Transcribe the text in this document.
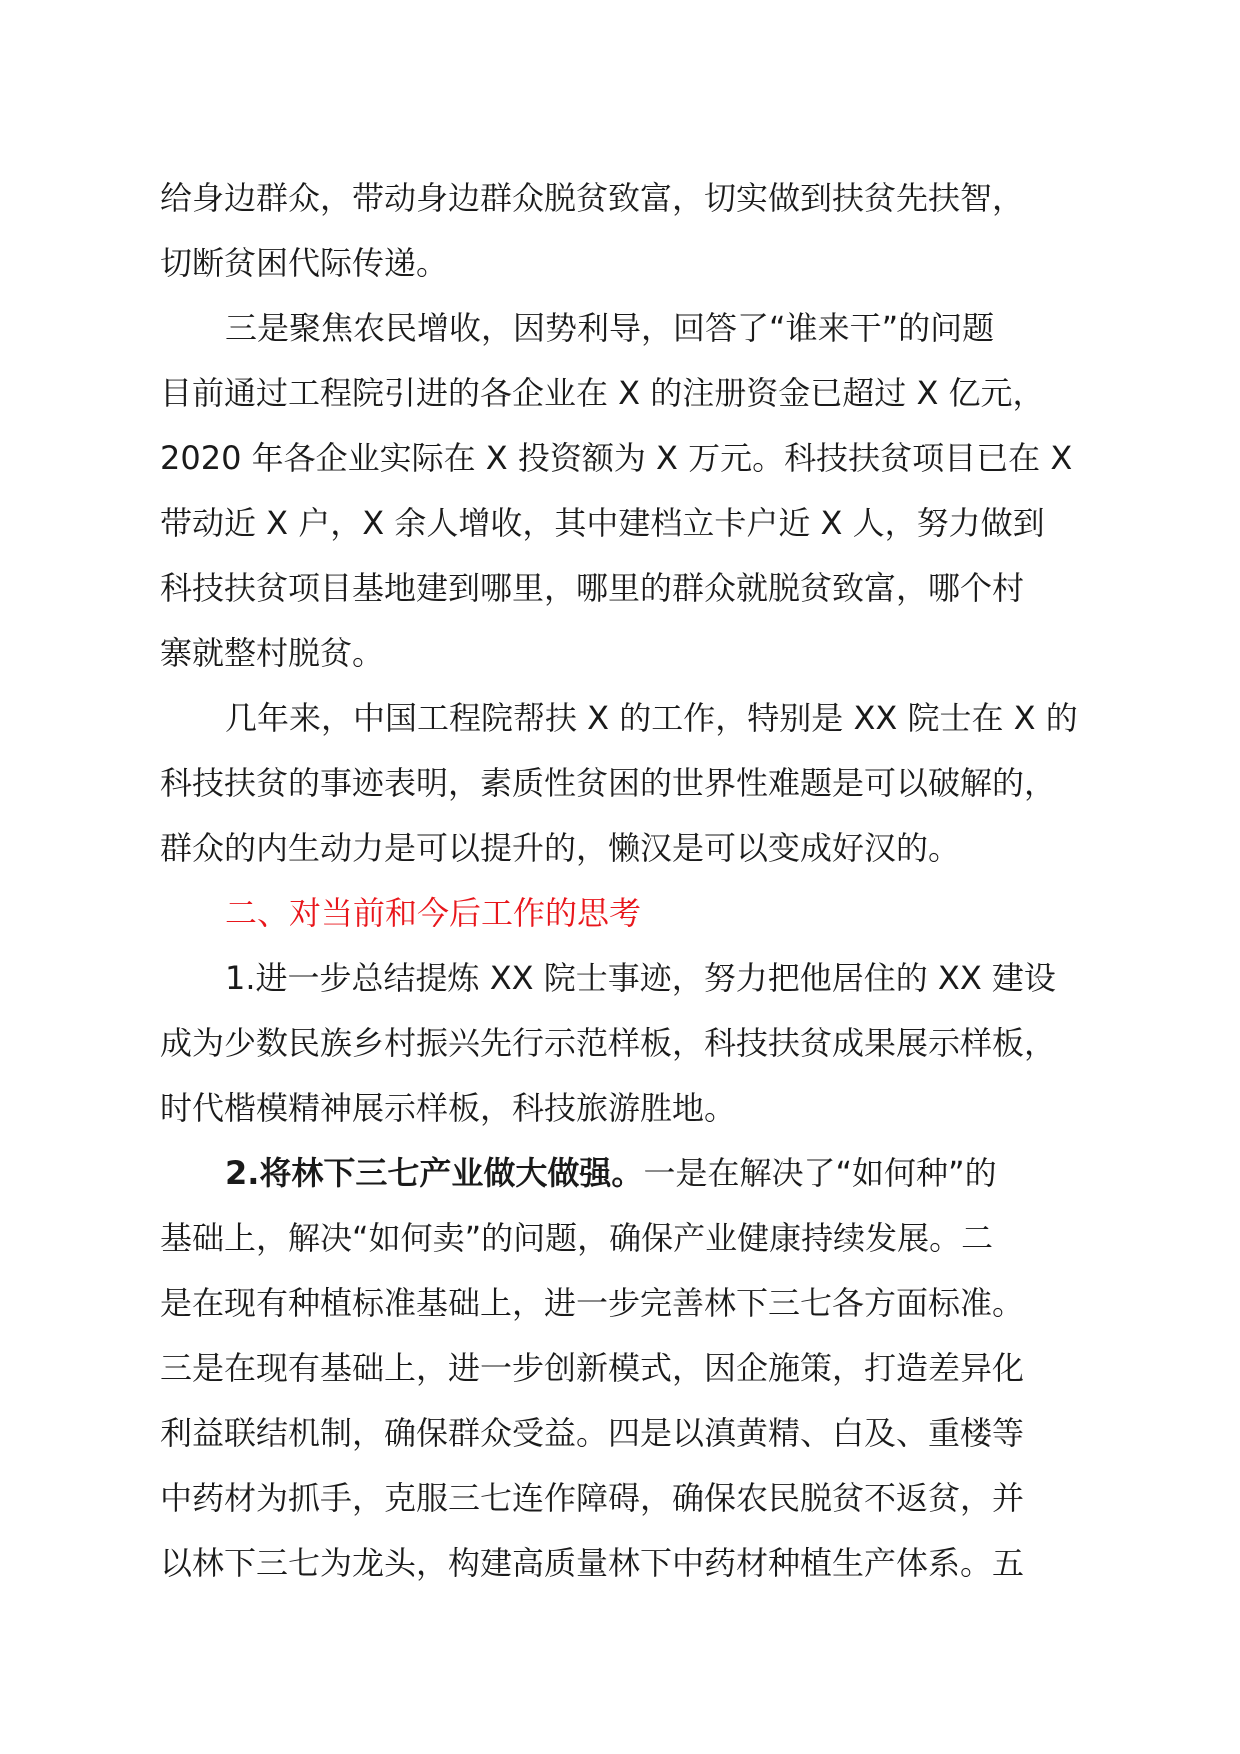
给身边群众，带动身边群众脱贫致富，切实做到扶贫先扶智，
切断贫困代际传递。
三是聚焦农民增收，因势利导，回答了“谁来干”的问题
目前通过工程院引进的各企业在 X 的注册资金已超过 X 亿元，
2020 年各企业实际在 X 投资额为 X 万元。科技扶贫项目已在 X
带动近 X 户，X 余人增收，其中建档立卡户近 X 人，努力做到
科技扶贫项目基地建到哪里，哪里的群众就脱贫致富，哪个村
寨就整村脱贫。
几年来，中国工程院帮扶 X 的工作，特别是 XX 院士在 X 的
科技扶贫的事迹表明，素质性贫困的世界性难题是可以破解的，
群众的内生动力是可以提升的，懒汉是可以变成好汉的。
二、对当前和今后工作的思考
1.进一步总结提炼 XX 院士事迹，努力把他居住的 XX 建设
成为少数民族乡村振兴先行示范样板，科技扶贫成果展示样板，
时代楷模精神展示样板，科技旅游胜地。
2.将林下三七产业做大做强。一是在解决了“如何种”的
基础上，解决“如何卖”的问题，确保产业健康持续发展。二
是在现有种植标准基础上，进一步完善林下三七各方面标准。
三是在现有基础上，进一步创新模式，因企施策，打造差异化
利益联结机制，确保群众受益。四是以滇黄精、白及、重楼等
中药材为抓手，克服三七连作障碍，确保农民脱贫不返贫，并
以林下三七为龙头，构建高质量林下中药材种植生产体系。五
